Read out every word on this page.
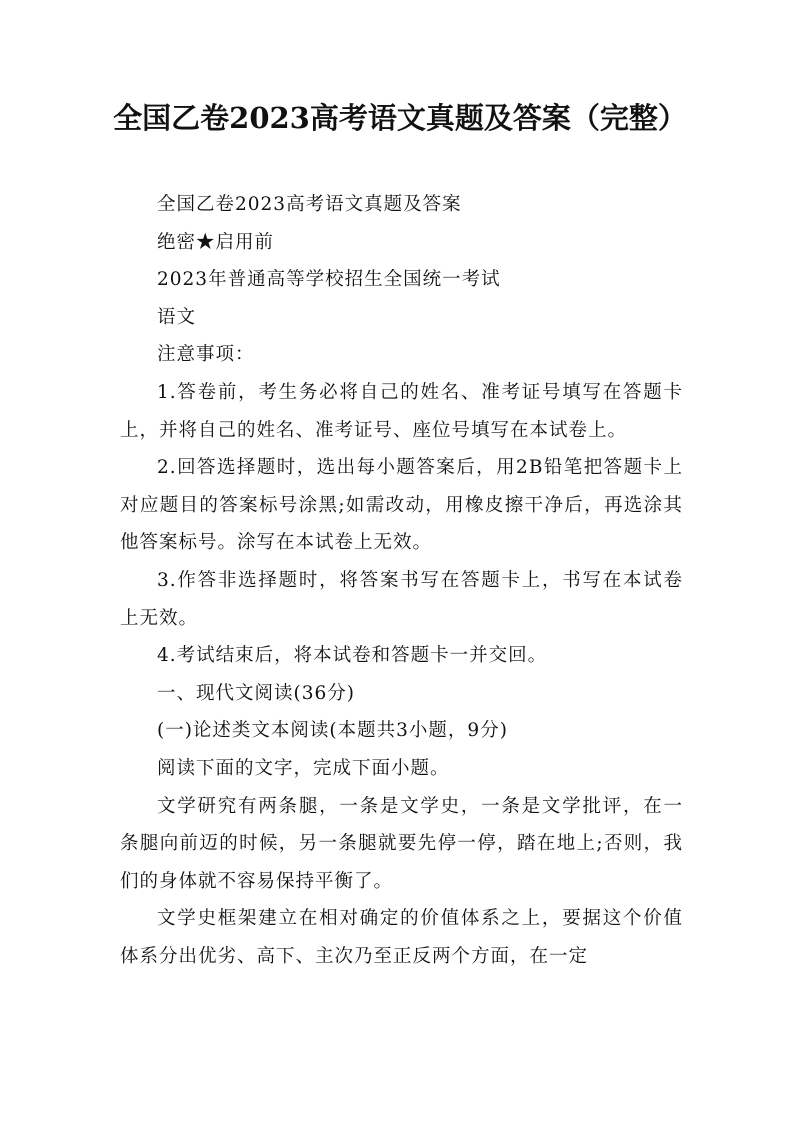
全国乙卷2023高考语文真题及答案（完整）

全国乙卷2023高考语文真题及答案

绝密★启用前

2023年普通高等学校招生全国统一考试

语文

注意事项：

1.答卷前，考生务必将自己的姓名、准考证号填写在答题卡上，并将自己的姓名、准考证号、座位号填写在本试卷上。

2.回答选择题时，选出每小题答案后，用2B铅笔把答题卡上对应题目的答案标号涂黑;如需改动，用橡皮擦干净后，再选涂其他答案标号。涂写在本试卷上无效。

3.作答非选择题时，将答案书写在答题卡上，书写在本试卷上无效。

4.考试结束后，将本试卷和答题卡一并交回。

一、现代文阅读(36分)

(一)论述类文本阅读(本题共3小题，9分)

阅读下面的文字，完成下面小题。

文学研究有两条腿，一条是文学史，一条是文学批评，在一条腿向前迈的时候，另一条腿就要先停一停，踏在地上;否则，我们的身体就不容易保持平衡了。

文学史框架建立在相对确定的价值体系之上，要据这个价值体系分出优劣、高下、主次乃至正反两个方面，在一定
